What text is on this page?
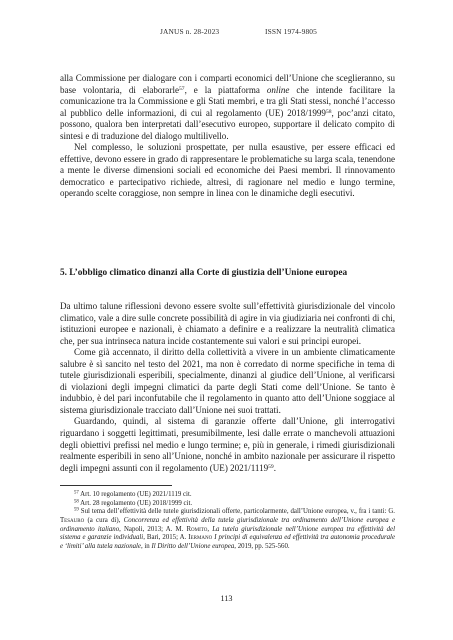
JANUS n. 28-2023	ISSN 1974-9805

alla Commissione per dialogare con i comparti economici dell’Unione che sceglieranno, su base volontaria, di elaborarle$^{57}$, e la piattaforma online che intende facilitare la comunicazione tra la Commissione e gli Stati membri, e tra gli Stati stessi, nonché l’accesso al pubblico delle informazioni, di cui al regolamento (UE) 2018/1999$^{58}$, poc’anzi citato, possono, qualora ben interpretati dall’esecutivo europeo, supportare il delicato compito di sintesi e di traduzione del dialogo multilivello.

Nel complesso, le soluzioni prospettate, per nulla esaustive, per essere efficaci ed effettive, devono essere in grado di rappresentare le problematiche su larga scala, tenendone a mente le diverse dimensioni sociali ed economiche dei Paesi membri. Il rinnovamento democratico e partecipativo richiede, altresì, di ragionare nel medio e lungo termine, operando scelte coraggiose, non sempre in linea con le dinamiche degli esecutivi.

5. L’obbligo climatico dinanzi alla Corte di giustizia dell’Unione europea

Da ultimo talune riflessioni devono essere svolte sull’effettività giurisdizionale del vincolo climatico, vale a dire sulle concrete possibilità di agire in via giudiziaria nei confronti di chi, istituzioni europee e nazionali, è chiamato a definire e a realizzare la neutralità climatica che, per sua intrinseca natura incide costantemente sui valori e sui principi europei.

Come già accennato, il diritto della collettività a vivere in un ambiente climaticamente salubre è sì sancito nel testo del 2021, ma non è corredato di norme specifiche in tema di tutele giurisdizionali esperibili, specialmente, dinanzi al giudice dell’Unione, al verificarsi di violazioni degli impegni climatici da parte degli Stati come dell’Unione. Se tanto è indubbio, è del pari inconfutabile che il regolamento in quanto atto dell’Unione soggiace al sistema giurisdizionale tracciato dall’Unione nei suoi trattati.

Guardando, quindi, al sistema di garanzie offerte dall’Unione, gli interrogativi riguardano i soggetti legittimati, presumibilmente, lesi dalle errate o manchevoli attuazioni degli obiettivi prefissi nel medio e lungo termine; e, più in generale, i rimedi giurisdizionali realmente esperibili in seno all’Unione, nonché in ambito nazionale per assicurare il rispetto degli impegni assunti con il regolamento (UE) 2021/1119$^{59}$.

$^{57}$ Art. 10 regolamento (UE) 2021/1119 cit.

$^{58}$ Art. 28 regolamento (UE) 2018/1999 cit.

$^{59}$ Sul tema dell’effettività delle tutele giurisdizionali offerte, particolarmente, dall’Unione europea, v., fra i tanti: G. Tesauro (a cura di), Concorrenza ed effettività della tutela giurisdizionale tra ordinamento dell’Unione europea e ordinamento italiano, Napoli, 2013; A. M. Romito, La tutela giurisdizionale nell’Unione europea tra effettività del sistema e garanzie individuali, Bari, 2015; A. Iermano I principi di equivalenza ed effettività tra autonomia procedurale e ‘limiti’ alla tutela nazionale, in Il Diritto dell’Unione europea, 2019, pp. 525-560.

113
